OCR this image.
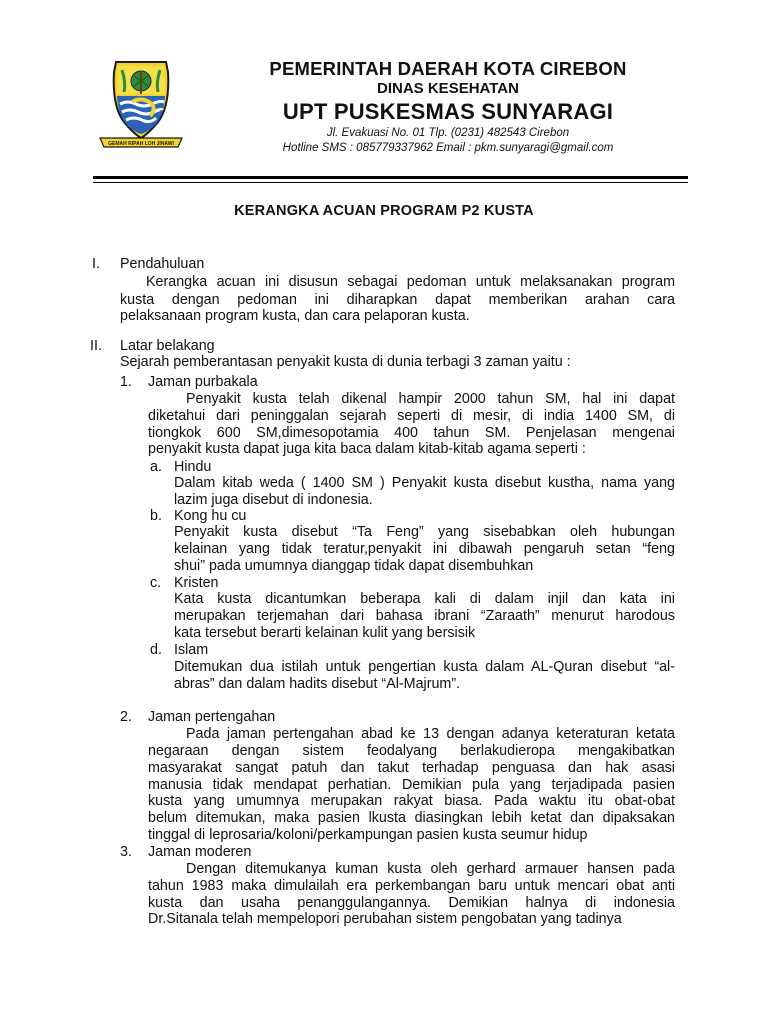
GEMAH RIPAH LOH JINAWI
PEMERINTAH DAERAH KOTA CIREBON
DINAS KESEHATAN
UPT PUSKESMAS SUNYARAGI
Jl. Evakuasi No. 01 Tlp. (0231) 482543 Cirebon
Hotline SMS : 085779337962 Email : pkm.sunyaragi@gmail.com
KERANGKA ACUAN PROGRAM P2 KUSTA
I. Pendahuluan
Kerangka acuan ini disusun sebagai pedoman untuk melaksanakan program
kusta dengan pedoman ini diharapkan dapat memberikan arahan cara
pelaksanaan program kusta, dan cara pelaporan kusta.
II. Latar belakang
Sejarah pemberantasan penyakit kusta di dunia terbagi 3 zaman yaitu :
1. Jaman purbakala
Penyakit kusta telah dikenal hampir 2000 tahun SM, hal ini dapat
diketahui dari peninggalan sejarah seperti di mesir, di india 1400 SM, di
tiongkok 600 SM,dimesopotamia 400 tahun SM. Penjelasan mengenai
penyakit kusta dapat juga kita baca dalam kitab-kitab agama seperti :
a. Hindu
Dalam kitab weda ( 1400 SM ) Penyakit kusta disebut kustha, nama yang
lazim juga disebut di indonesia.
b. Kong hu cu
Penyakit kusta disebut “Ta Feng” yang sisebabkan oleh hubungan
kelainan yang tidak teratur,penyakit ini dibawah pengaruh setan “feng
shui” pada umumnya dianggap tidak dapat disembuhkan
c. Kristen
Kata kusta dicantumkan beberapa kali di dalam injil dan kata ini
merupakan terjemahan dari bahasa ibrani “Zaraath” menurut harodous
kata tersebut berarti kelainan kulit yang bersisik
d. Islam
Ditemukan dua istilah untuk pengertian kusta dalam AL-Quran disebut “al-
abras” dan dalam hadits disebut “Al-Majrum”.
2. Jaman pertengahan
Pada jaman pertengahan abad ke 13 dengan adanya keteraturan ketata
negaraan dengan sistem feodalyang berlakudieropa mengakibatkan
masyarakat sangat patuh dan takut terhadap penguasa dan hak asasi
manusia tidak mendapat perhatian. Demikian pula yang terjadipada pasien
kusta yang umumnya merupakan rakyat biasa. Pada waktu itu obat-obat
belum ditemukan, maka pasien lkusta diasingkan lebih ketat dan dipaksakan
tinggal di leprosaria/koloni/perkampungan pasien kusta seumur hidup
3. Jaman moderen
Dengan ditemukanya kuman kusta oleh gerhard armauer hansen pada
tahun 1983 maka dimulailah era perkembangan baru untuk mencari obat anti
kusta dan usaha penanggulangannya. Demikian halnya di indonesia
Dr.Sitanala telah mempelopori perubahan sistem pengobatan yang tadinya
